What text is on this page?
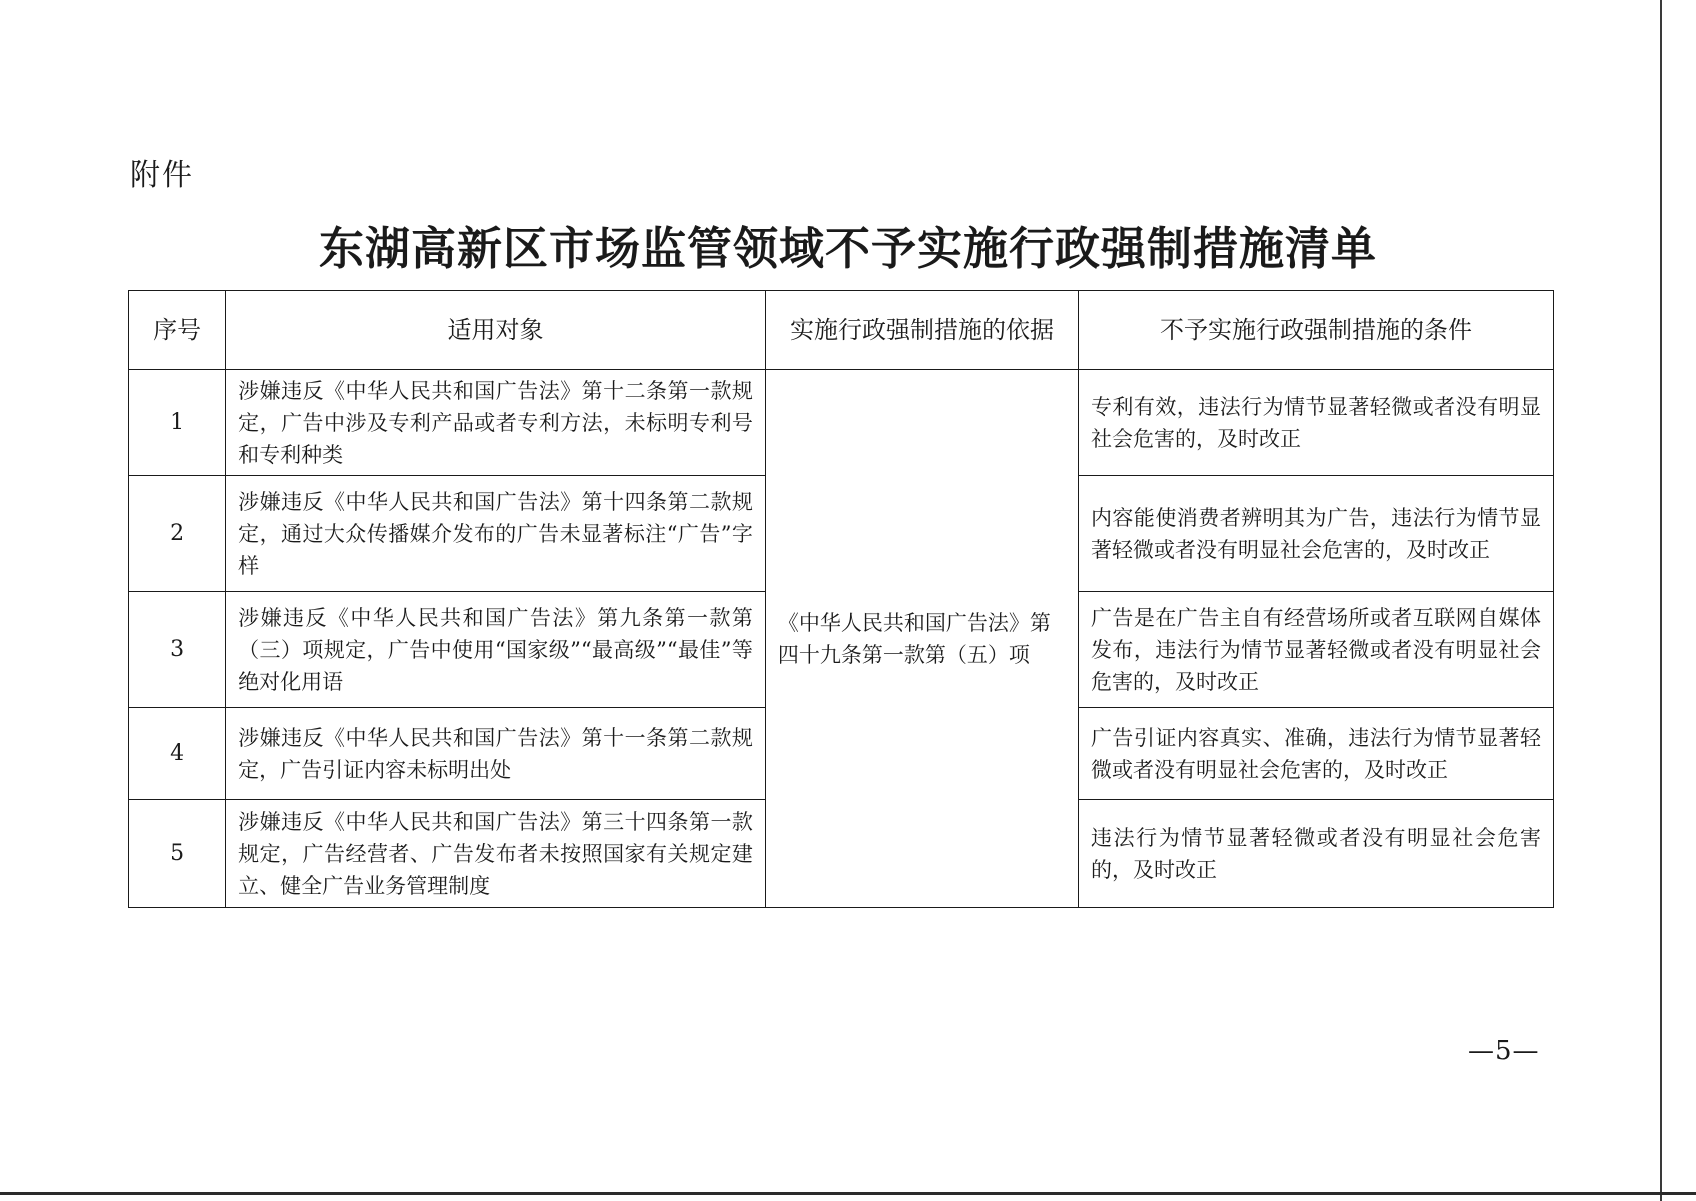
附件
东湖高新区市场监管领域不予实施行政强制措施清单
序号	适用对象	实施行政强制措施的依据	不予实施行政强制措施的条件
1	涉嫌违反《中华人民共和国广告法》第十二条第一款规定，广告中涉及专利产品或者专利方法，未标明专利号和专利种类	《中华人民共和国广告法》第四十九条第一款第（五）项	专利有效，违法行为情节显著轻微或者没有明显社会危害的，及时改正
2	涉嫌违反《中华人民共和国广告法》第十四条第二款规定，通过大众传播媒介发布的广告未显著标注“广告”字样		内容能使消费者辨明其为广告，违法行为情节显著轻微或者没有明显社会危害的，及时改正
3	涉嫌违反《中华人民共和国广告法》第九条第一款第（三）项规定，广告中使用“国家级”“最高级”“最佳”等绝对化用语		广告是在广告主自有经营场所或者互联网自媒体发布，违法行为情节显著轻微或者没有明显社会危害的，及时改正
4	涉嫌违反《中华人民共和国广告法》第十一条第二款规定，广告引证内容未标明出处		广告引证内容真实、准确，违法行为情节显著轻微或者没有明显社会危害的，及时改正
5	涉嫌违反《中华人民共和国广告法》第三十四条第一款规定，广告经营者、广告发布者未按照国家有关规定建立、健全广告业务管理制度		违法行为情节显著轻微或者没有明显社会危害的，及时改正
—5—
